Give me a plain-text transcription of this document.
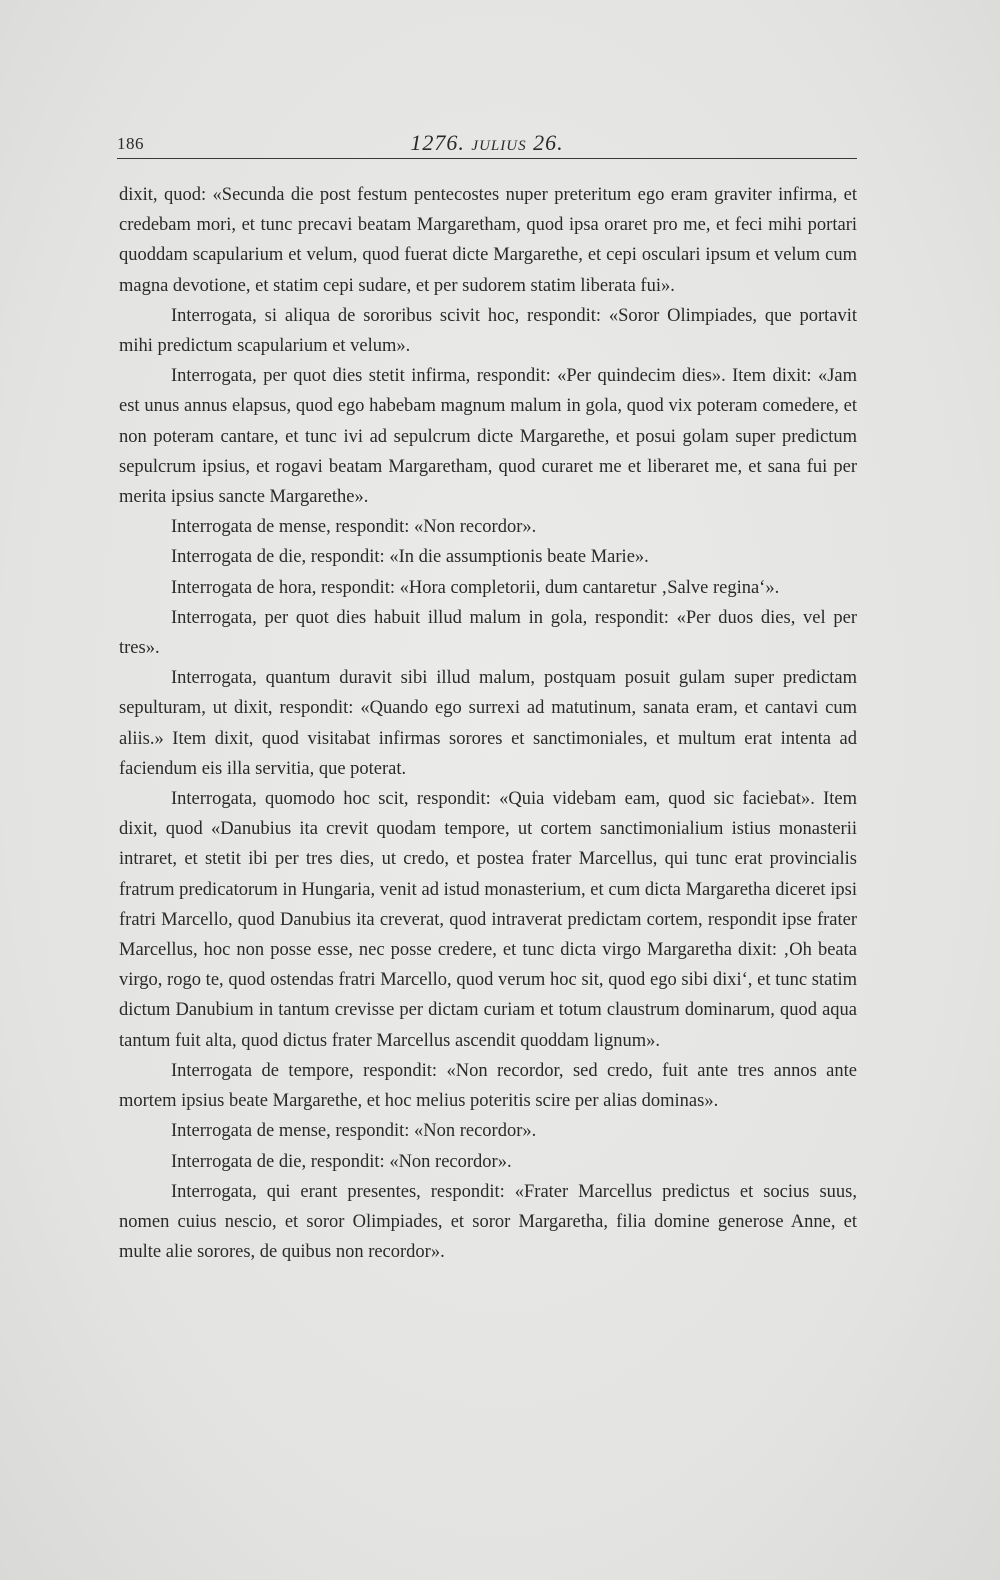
186	1276. JULIUS 26.

dixit, quod: «Secunda die post festum pentecostes nuper preteritum ego eram graviter infirma, et credebam mori, et tunc precavi beatam Margaretham, quod ipsa oraret pro me, et feci mihi portari quoddam scapularium et velum, quod fuerat dicte Margarethe, et cepi osculari ipsum et velum cum magna devotione, et statim cepi sudare, et per sudorem statim liberata fui».

Interrogata, si aliqua de sororibus scivit hoc, respondit: «Soror Olimpiades, que portavit mihi predictum scapularium et velum».

Interrogata, per quot dies stetit infirma, respondit: «Per quindecim dies». Item dixit: «Jam est unus annus elapsus, quod ego habebam magnum malum in gola, quod vix poteram comedere, et non poteram cantare, et tunc ivi ad sepulcrum dicte Margarethe, et posui golam super predictum sepulcrum ipsius, et rogavi beatam Margaretham, quod curaret me et liberaret me, et sana fui per merita ipsius sancte Margarethe».

Interrogata de mense, respondit: «Non recordor».

Interrogata de die, respondit: «In die assumptionis beate Marie».

Interrogata de hora, respondit: «Hora completorii, dum cantaretur ‚Salve regina‘».

Interrogata, per quot dies habuit illud malum in gola, respondit: «Per duos dies, vel per tres».

Interrogata, quantum duravit sibi illud malum, postquam posuit gulam super predictam sepulturam, ut dixit, respondit: «Quando ego surrexi ad matutinum, sanata eram, et cantavi cum aliis.» Item dixit, quod visitabat infirmas sorores et sanctimoniales, et multum erat intenta ad faciendum eis illa servitia, que poterat.

Interrogata, quomodo hoc scit, respondit: «Quia videbam eam, quod sic faciebat». Item dixit, quod «Danubius ita crevit quodam tempore, ut cortem sanctimonialium istius monasterii intraret, et stetit ibi per tres dies, ut credo, et postea frater Marcellus, qui tunc erat provincialis fratrum predicatorum in Hungaria, venit ad istud monasterium, et cum dicta Margaretha diceret ipsi fratri Marcello, quod Danubius ita creverat, quod intraverat predictam cortem, respondit ipse frater Marcellus, hoc non posse esse, nec posse credere, et tunc dicta virgo Margaretha dixit: ‚Oh beata virgo, rogo te, quod ostendas fratri Marcello, quod verum hoc sit, quod ego sibi dixi‘, et tunc statim dictum Danubium in tantum crevisse per dictam curiam et totum claustrum dominarum, quod aqua tantum fuit alta, quod dictus frater Marcellus ascendit quoddam lignum».

Interrogata de tempore, respondit: «Non recordor, sed credo, fuit ante tres annos ante mortem ipsius beate Margarethe, et hoc melius poteritis scire per alias dominas».

Interrogata de mense, respondit: «Non recordor».

Interrogata de die, respondit: «Non recordor».

Interrogata, qui erant presentes, respondit: «Frater Marcellus predictus et socius suus, nomen cuius nescio, et soror Olimpiades, et soror Margaretha, filia domine generose Anne, et multe alie sorores, de quibus non recordor».
